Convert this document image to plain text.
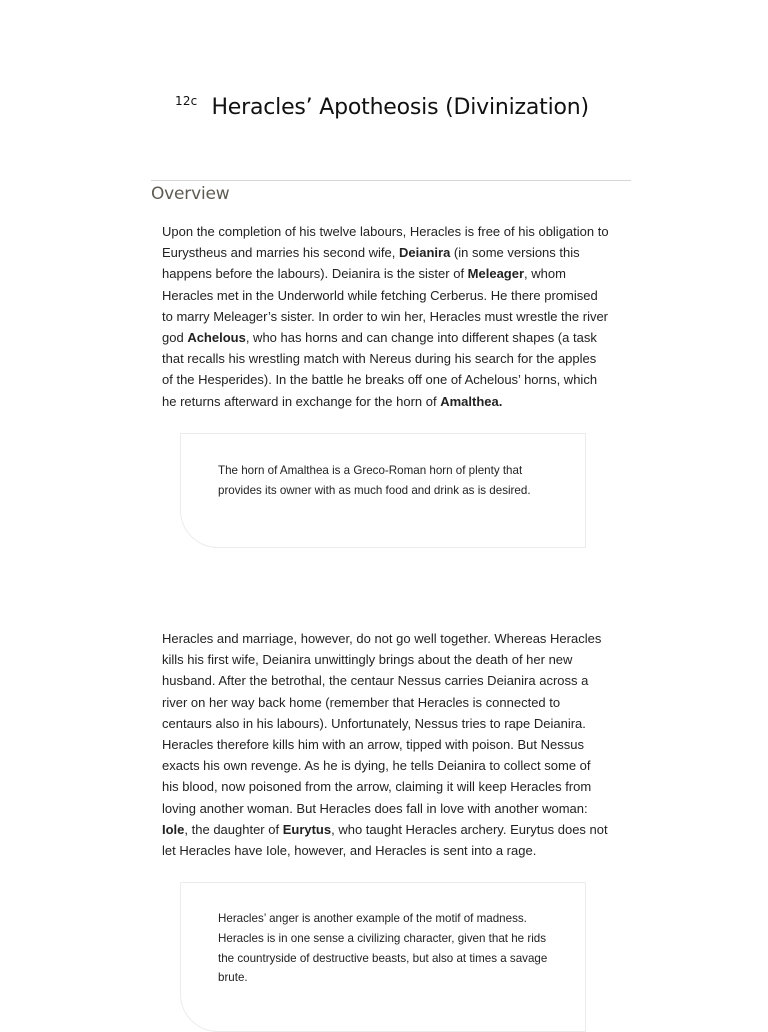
$^{12c}$ Heracles’ Apotheosis (Divinization)
Overview

Upon the completion of his twelve labours, Heracles is free of his obligation to Eurystheus and marries his second wife, Deianira (in some versions this happens before the labours). Deianira is the sister of Meleager, whom Heracles met in the Underworld while fetching Cerberus. He there promised to marry Meleager’s sister. In order to win her, Heracles must wrestle the river god Achelous, who has horns and can change into different shapes (a task that recalls his wrestling match with Nereus during his search for the apples of the Hesperides). In the battle he breaks off one of Achelous’ horns, which he returns afterward in exchange for the horn of Amalthea.

The horn of Amalthea is a Greco-Roman horn of plenty that provides its owner with as much food and drink as is desired.

Heracles and marriage, however, do not go well together. Whereas Heracles kills his first wife, Deianira unwittingly brings about the death of her new husband. After the betrothal, the centaur Nessus carries Deianira across a river on her way back home (remember that Heracles is connected to centaurs also in his labours). Unfortunately, Nessus tries to rape Deianira. Heracles therefore kills him with an arrow, tipped with poison. But Nessus exacts his own revenge. As he is dying, he tells Deianira to collect some of his blood, now poisoned from the arrow, claiming it will keep Heracles from loving another woman. But Heracles does fall in love with another woman: Iole, the daughter of Eurytus, who taught Heracles archery. Eurytus does not let Heracles have Iole, however, and Heracles is sent into a rage.

Heracles’ anger is another example of the motif of madness. Heracles is in one sense a civilizing character, given that he rids the countryside of destructive beasts, but also at times a savage brute.
